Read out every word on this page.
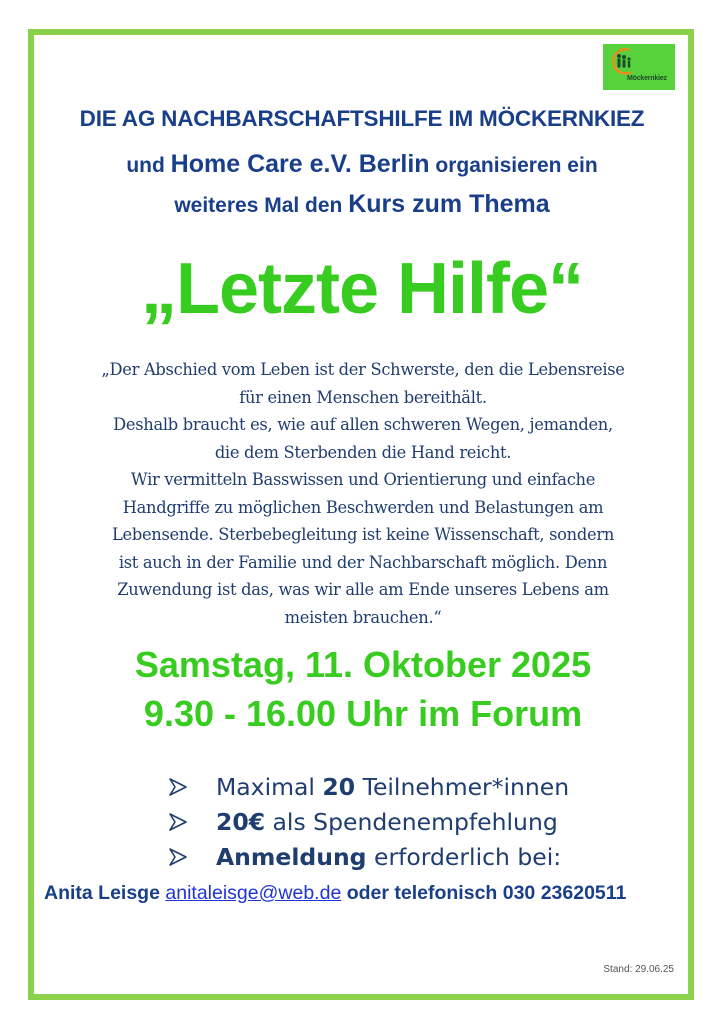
Möckernkiez
DIE AG NACHBARSCHAFTSHILFE IM MÖCKERNKIEZ
und Home Care e.V. Berlin organisieren ein
weiteres Mal den Kurs zum Thema
„Letzte Hilfe“
„Der Abschied vom Leben ist der Schwerste, den die Lebensreise
für einen Menschen bereithält.
Deshalb braucht es, wie auf allen schweren Wegen, jemanden,
die dem Sterbenden die Hand reicht.
Wir vermitteln Basswissen und Orientierung und einfache
Handgriffe zu möglichen Beschwerden und Belastungen am
Lebensende. Sterbebegleitung ist keine Wissenschaft, sondern
ist auch in der Familie und der Nachbarschaft möglich. Denn
Zuwendung ist das, was wir alle am Ende unseres Lebens am
meisten brauchen.“
Samstag, 11. Oktober 2025
9.30 - 16.00 Uhr im Forum
Maximal 20 Teilnehmer*innen
20€ als Spendenempfehlung
Anmeldung erforderlich bei:
Anita Leisge anitaleisge@web.de oder telefonisch 030 23620511
Stand: 29.06.25
